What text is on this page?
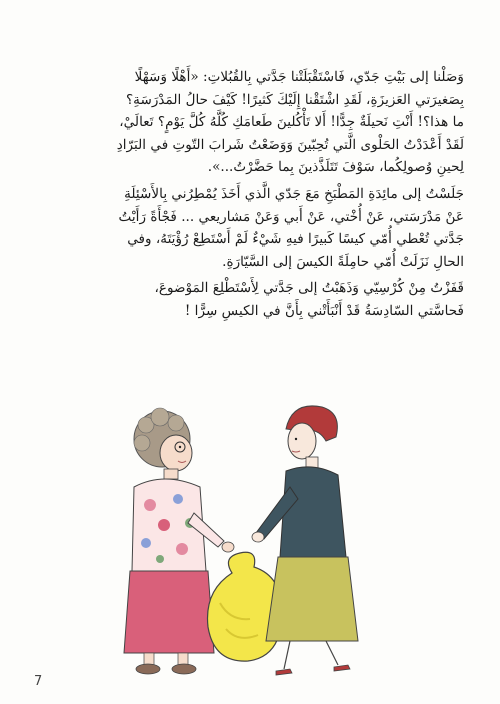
وَصَلْنا إلى بَيْتِ جَدّي، فَاسْتَقْبَلَتْنا جَدَّتي بِالقُبُلاتِ: «أَهْلًا وَسَهْلًا
بِصَغيرَتي العَزيزَةِ، لَقَدِ اشْتَقْنا إِلَيْكَ كَثيرًا! كَيْفَ حالُ المَدْرَسَةِ؟
ما هذا؟! أَنْتِ نَحيلَةٌ جِدًّا! أَلا تَأْكُلينَ طَعامَكِ كُلَّهُ كُلَّ يَوْمٍ؟ تَعالَيْ،
لَقَدْ أَعْدَدْتُ الحَلْوى الَّتي تُحِبّينَ وَوَضَعْتُ شَرابَ التّوتِ في البَرّادِ
لِحينِ وُصولِكُما، سَوْفَ تَتَلَذَّذينَ بِما حَضَّرْتُ...».

جَلَسْتُ إلى مائِدَةِ المَطْبَخِ مَعَ جَدّي الَّذي أَخَذَ يُمْطِرُني بِالأَسْئِلَةِ
عَنْ مَدْرَسَتي، عَنْ أُخْتي، عَنْ أَبي وَعَنْ مَشاريعي ... فَجْأَةً رَأَيْتُ
جَدَّتي تُعْطي أُمّي كيسًا كَبيرًا فيهِ شَيْءٌ لَمْ أَسْتَطِعْ رُؤْيَتَهُ، وفي
الحالِ نَزَلَتْ أُمّي حامِلَةً الكيسَ إلى السَّيّارَةِ.

قَفَزْتُ مِنْ كُرْسِيّي وَذَهَبْتُ إلى جَدَّتي لِأَسْتَطْلِعَ المَوْضوعَ،
فَحاسَّتي السّادِسَةُ قَدْ أَنْبَأَتْني بِأَنَّ في الكيسِ سِرًّا !

7
